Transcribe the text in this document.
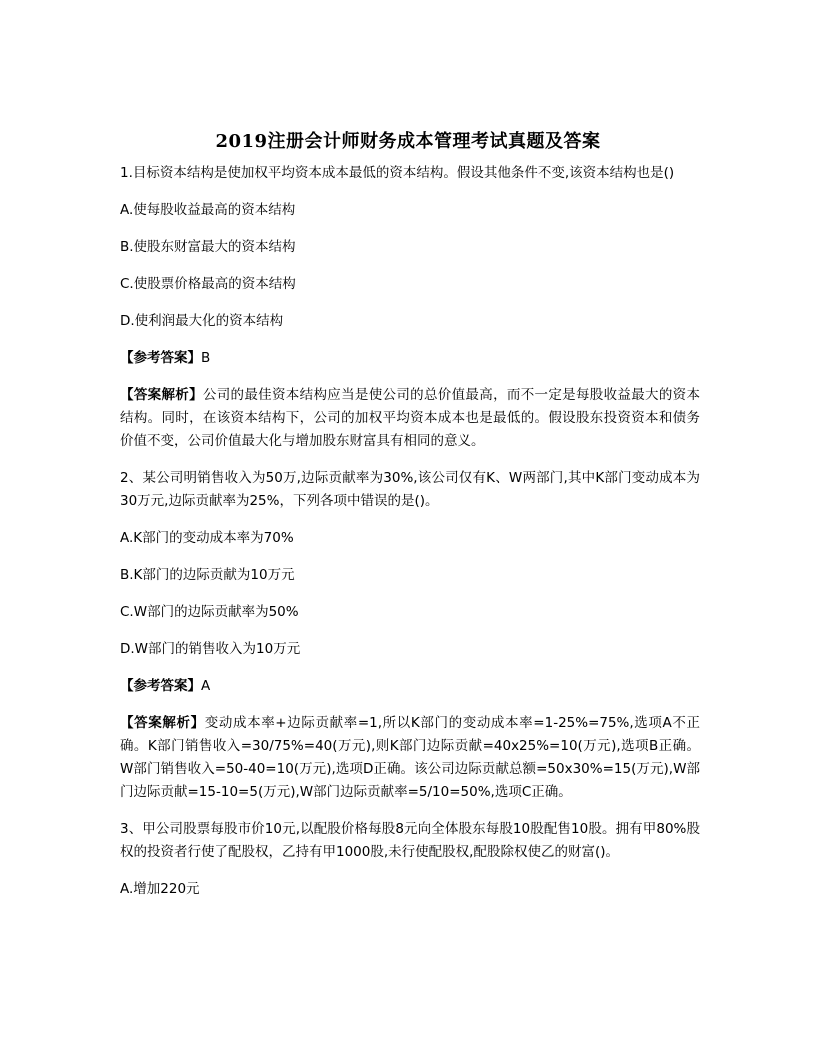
2019注册会计师财务成本管理考试真题及答案

1.目标资本结构是使加权平均资本成本最低的资本结构。假设其他条件不变,该资本结构也是()

A.使每股收益最高的资本结构

B.使股东财富最大的资本结构

C.使股票价格最高的资本结构

D.使利润最大化的资本结构

【参考答案】B

【答案解析】公司的最佳资本结构应当是使公司的总价值最高，而不一定是每股收益最大的资本结构。同时，在该资本结构下，公司的加权平均资本成本也是最低的。假设股东投资资本和债务价值不变，公司价值最大化与增加股东财富具有相同的意义。

2、某公司明销售收入为50万,边际贡献率为30%,该公司仅有K、W两部门,其中K部门变动成本为30万元,边际贡献率为25%，下列各项中错误的是()。

A.K部门的变动成本率为70%

B.K部门的边际贡献为10万元

C.W部门的边际贡献率为50%

D.W部门的销售收入为10万元

【参考答案】A

【答案解析】变动成本率+边际贡献率=1,所以K部门的变动成本率=1-25%=75%,选项A不正确。K部门销售收入=30/75%=40(万元),则K部门边际贡献=40x25%=10(万元),选项B正确。W部门销售收入=50-40=10(万元),选项D正确。该公司边际贡献总额=50x30%=15(万元),W部门边际贡献=15-10=5(万元),W部门边际贡献率=5/10=50%,选项C正确。

3、甲公司股票每股市价10元,以配股价格每股8元向全体股东每股10股配售10股。拥有甲80%股权的投资者行使了配股权，乙持有甲1000股,未行使配股权,配股除权使乙的财富()。

A.增加220元
